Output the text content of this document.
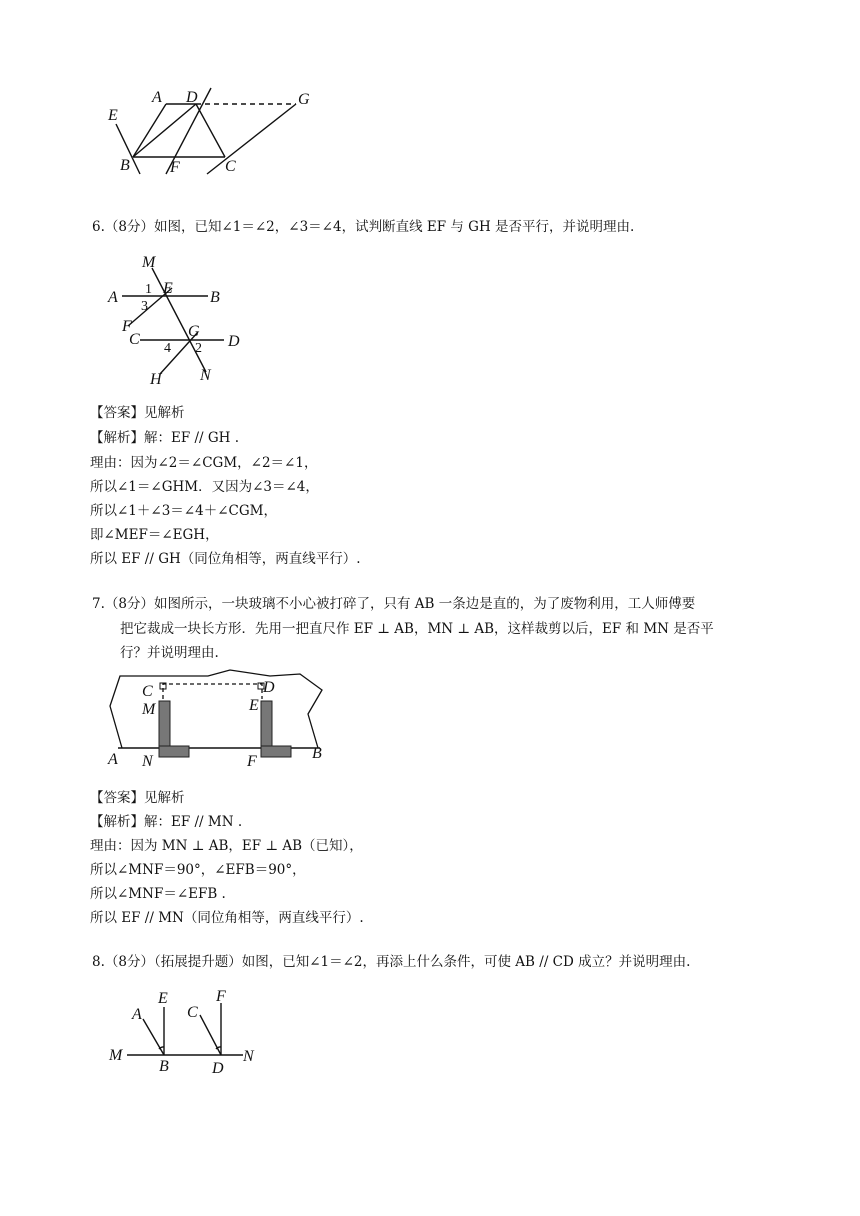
E
A D	G
B	F	C
6.（8分）如图，已知∠1＝∠2，∠3＝∠4，试判断直线 EF 与 GH 是否平行，并说明理由.
M
A 1 E
B
3
F
C	G
D
4 2
H N
【答案】见解析
【解析】解：EF // GH .
理由：因为∠2＝∠CGM，∠2＝∠1，
所以∠1＝∠GHM．又因为∠3＝∠4，
所以∠1＋∠3＝∠4＋∠CGM，
即∠MEF＝∠EGH，
所以 EF // GH（同位角相等，两直线平行）.
7.（8分）如图所示，一块玻璃不小心被打碎了，只有 AB 一条边是直的，为了废物利用，工人师傅要
把它裁成一块长方形．先用一把直尺作 EF ⊥ AB，MN ⊥ AB，这样裁剪以后，EF 和 MN 是否平
行？并说明理由.
C	D
M	E
A N	F	B
【答案】见解析
【解析】解：EF // MN .
理由：因为 MN ⊥ AB，EF ⊥ AB（已知），
所以∠MNF＝90°，∠EFB＝90°，
所以∠MNF＝∠EFB .
所以 EF // MN（同位角相等，两直线平行）.
8.（8分）（拓展提升题）如图，已知∠1＝∠2，再添上什么条件，可使 AB // CD 成立？并说明理由.
E	F
A	C
M
B	D
N
